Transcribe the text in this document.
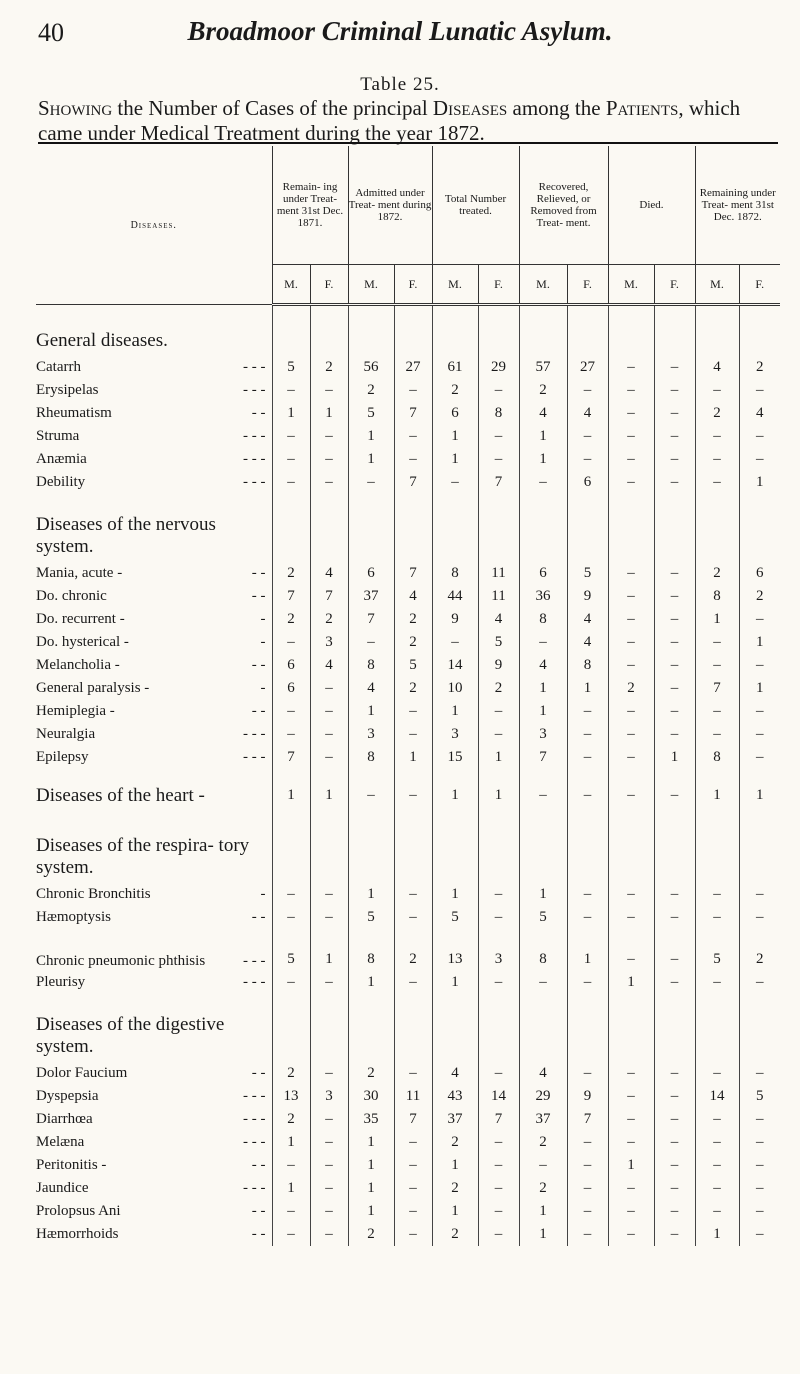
40	Broadmoor Criminal Lunatic Asylum.
Table 25.
Showing the Number of Cases of the principal Diseases among the Patients, which came under Medical Treatment during the year 1872.
Diseases.	Remain- ing under Treat- ment 31st Dec. 1871.		Admitted under Treat- ment during 1872.		Total Number treated.		Recovered, Relieved, or Removed from Treat- ment.		Died.		Remaining under Treat- ment 31st Dec. 1872.	
	M.	F.	M.	F.	M.	F.	M.	F.	M.	F.	M.	F.

General diseases.												
Catarrh - - -	5	2	56	27	61	29	57	27	–	–	4	2
Erysipelas - - -	–	–	2	–	2	–	2	–	–	–	–	–
Rheumatism - -	1	1	5	7	6	8	4	4	–	–	2	4
Struma - - -	–	–	1	–	1	–	1	–	–	–	–	–
Anæmia - - -	–	–	1	–	1	–	1	–	–	–	–	–
Debility - - -	–	–	–	7	–	7	–	6	–	–	–	1

Diseases of the nervous system.												
Mania, acute - - -	2	4	6	7	8	11	6	5	–	–	2	6
Do. chronic - -	7	7	37	4	44	11	36	9	–	–	8	2
Do. recurrent - -	2	2	7	2	9	4	8	4	–	–	1	–
Do. hysterical - -	–	3	–	2	–	5	–	4	–	–	–	1
Melancholia - - -	6	4	8	5	14	9	4	8	–	–	–	–
General paralysis - -	6	–	4	2	10	2	1	1	2	–	7	1
Hemiplegia - - -	–	–	1	–	1	–	1	–	–	–	–	–
Neuralgia - - -	–	–	3	–	3	–	3	–	–	–	–	–
Epilepsy - - -	7	–	8	1	15	1	7	–	–	1	8	–

Diseases of the heart -	1	1	–	–	1	1	–	–	–	–	1	1

Diseases of the respira- tory system.												
Chronic Bronchitis -	–	–	1	–	1	–	1	–	–	–	–	–
Hæmoptysis - -	–	–	5	–	5	–	5	–	–	–	–	–
Chronic pneumonic phthisis - - -	5	1	8	2	13	3	8	1	–	–	5	2
Pleurisy - - -	–	–	1	–	1	–	–	–	1	–	–	–

Diseases of the digestive system.												
Dolor Faucium - -	2	–	2	–	4	–	4	–	–	–	–	–
Dyspepsia - - -	13	3	30	11	43	14	29	9	–	–	14	5
Diarrhœa - - -	2	–	35	7	37	7	37	7	–	–	–	–
Melæna - - -	1	–	1	–	2	–	2	–	–	–	–	–
Peritonitis - - -	–	–	1	–	1	–	–	–	1	–	–	–
Jaundice - - -	1	–	1	–	2	–	2	–	–	–	–	–
Prolopsus Ani - -	–	–	1	–	1	–	1	–	–	–	–	–
Hæmorrhoids - -	–	–	2	–	2	–	1	–	–	–	1	–
